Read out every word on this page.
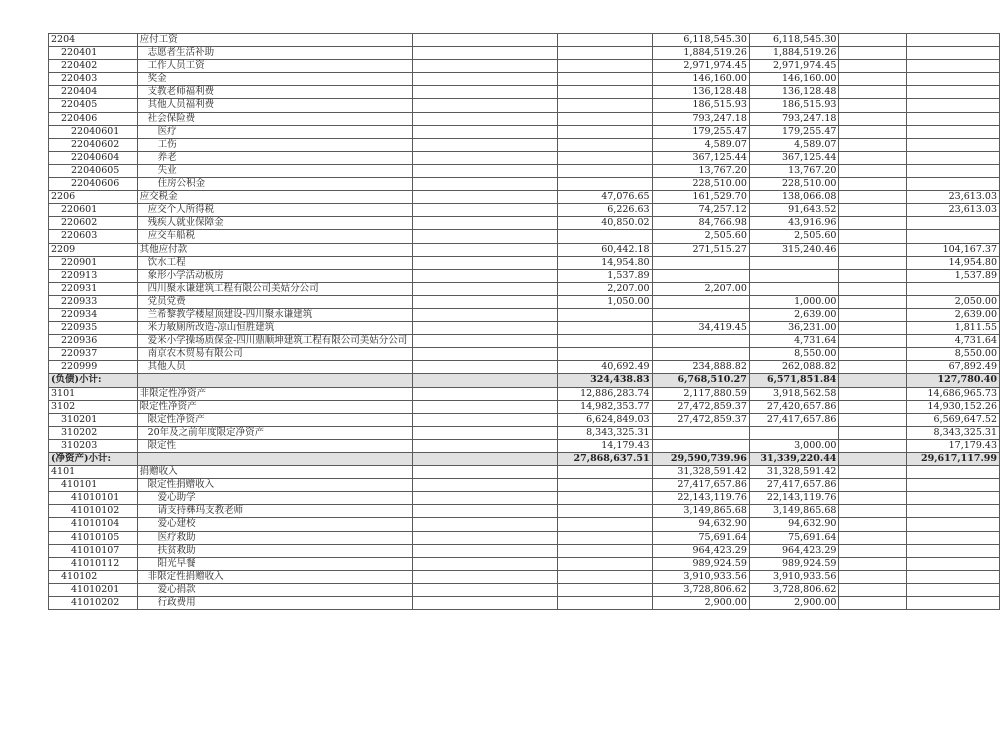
2204	应付工资			6,118,545.30	6,118,545.30		
220401	志愿者生活补助			1,884,519.26	1,884,519.26		
220402	工作人员工资			2,971,974.45	2,971,974.45		
220403	奖金			146,160.00	146,160.00		
220404	支教老师福利费			136,128.48	136,128.48		
220405	其他人员福利费			186,515.93	186,515.93		
220406	社会保险费			793,247.18	793,247.18		
22040601	医疗			179,255.47	179,255.47		
22040602	工伤			4,589.07	4,589.07		
22040604	养老			367,125.44	367,125.44		
22040605	失业			13,767.20	13,767.20		
22040606	住房公积金			228,510.00	228,510.00		
2206	应交税金		47,076.65	161,529.70	138,066.08		23,613.03
220601	应交个人所得税		6,226.63	74,257.12	91,643.52		23,613.03
220602	残疾人就业保障金		40,850.02	84,766.98	43,916.96		
220603	应交车船税			2,505.60	2,505.60		
2209	其他应付款		60,442.18	271,515.27	315,240.46		104,167.37
220901	饮水工程		14,954.80				14,954.80
220913	象形小学活动板房		1,537.89				1,537.89
220931	四川聚永谦建筑工程有限公司美姑分公司		2,207.00	2,207.00			
220933	党员党费		1,050.00		1,000.00		2,050.00
220934	兰希黎教学楼屋顶建设-四川聚永谦建筑				2,639.00		2,639.00
220935	米力敏厕所改造-凉山恒胜建筑			34,419.45	36,231.00		1,811.55
220936	爱米小学操场质保金-四川鼎顺坤建筑工程有限公司美姑分公司				4,731.64		4,731.64
220937	南京农木贸易有限公司				8,550.00		8,550.00
220999	其他人员		40,692.49	234,888.82	262,088.82		67,892.49
(负债)小计:			324,438.83	6,768,510.27	6,571,851.84		127,780.40
3101	非限定性净资产		12,886,283.74	2,117,880.59	3,918,562.58		14,686,965.73
3102	限定性净资产		14,982,353.77	27,472,859.37	27,420,657.86		14,930,152.26
310201	限定性净资产		6,624,849.03	27,472,859.37	27,417,657.86		6,569,647.52
310202	20年及之前年度限定净资产		8,343,325.31				8,343,325.31
310203	限定性		14,179.43		3,000.00		17,179.43
(净资产)小计:			27,868,637.51	29,590,739.96	31,339,220.44		29,617,117.99
4101	捐赠收入			31,328,591.42	31,328,591.42		
410101	限定性捐赠收入			27,417,657.86	27,417,657.86		
41010101	爱心助学			22,143,119.76	22,143,119.76		
41010102	请支持彝玛支教老师			3,149,865.68	3,149,865.68		
41010104	爱心建校			94,632.90	94,632.90		
41010105	医疗救助			75,691.64	75,691.64		
41010107	扶贫救助			964,423.29	964,423.29		
41010112	阳光早餐			989,924.59	989,924.59		
410102	非限定性捐赠收入			3,910,933.56	3,910,933.56		
41010201	爱心捐款			3,728,806.62	3,728,806.62		
41010202	行政费用			2,900.00	2,900.00		
